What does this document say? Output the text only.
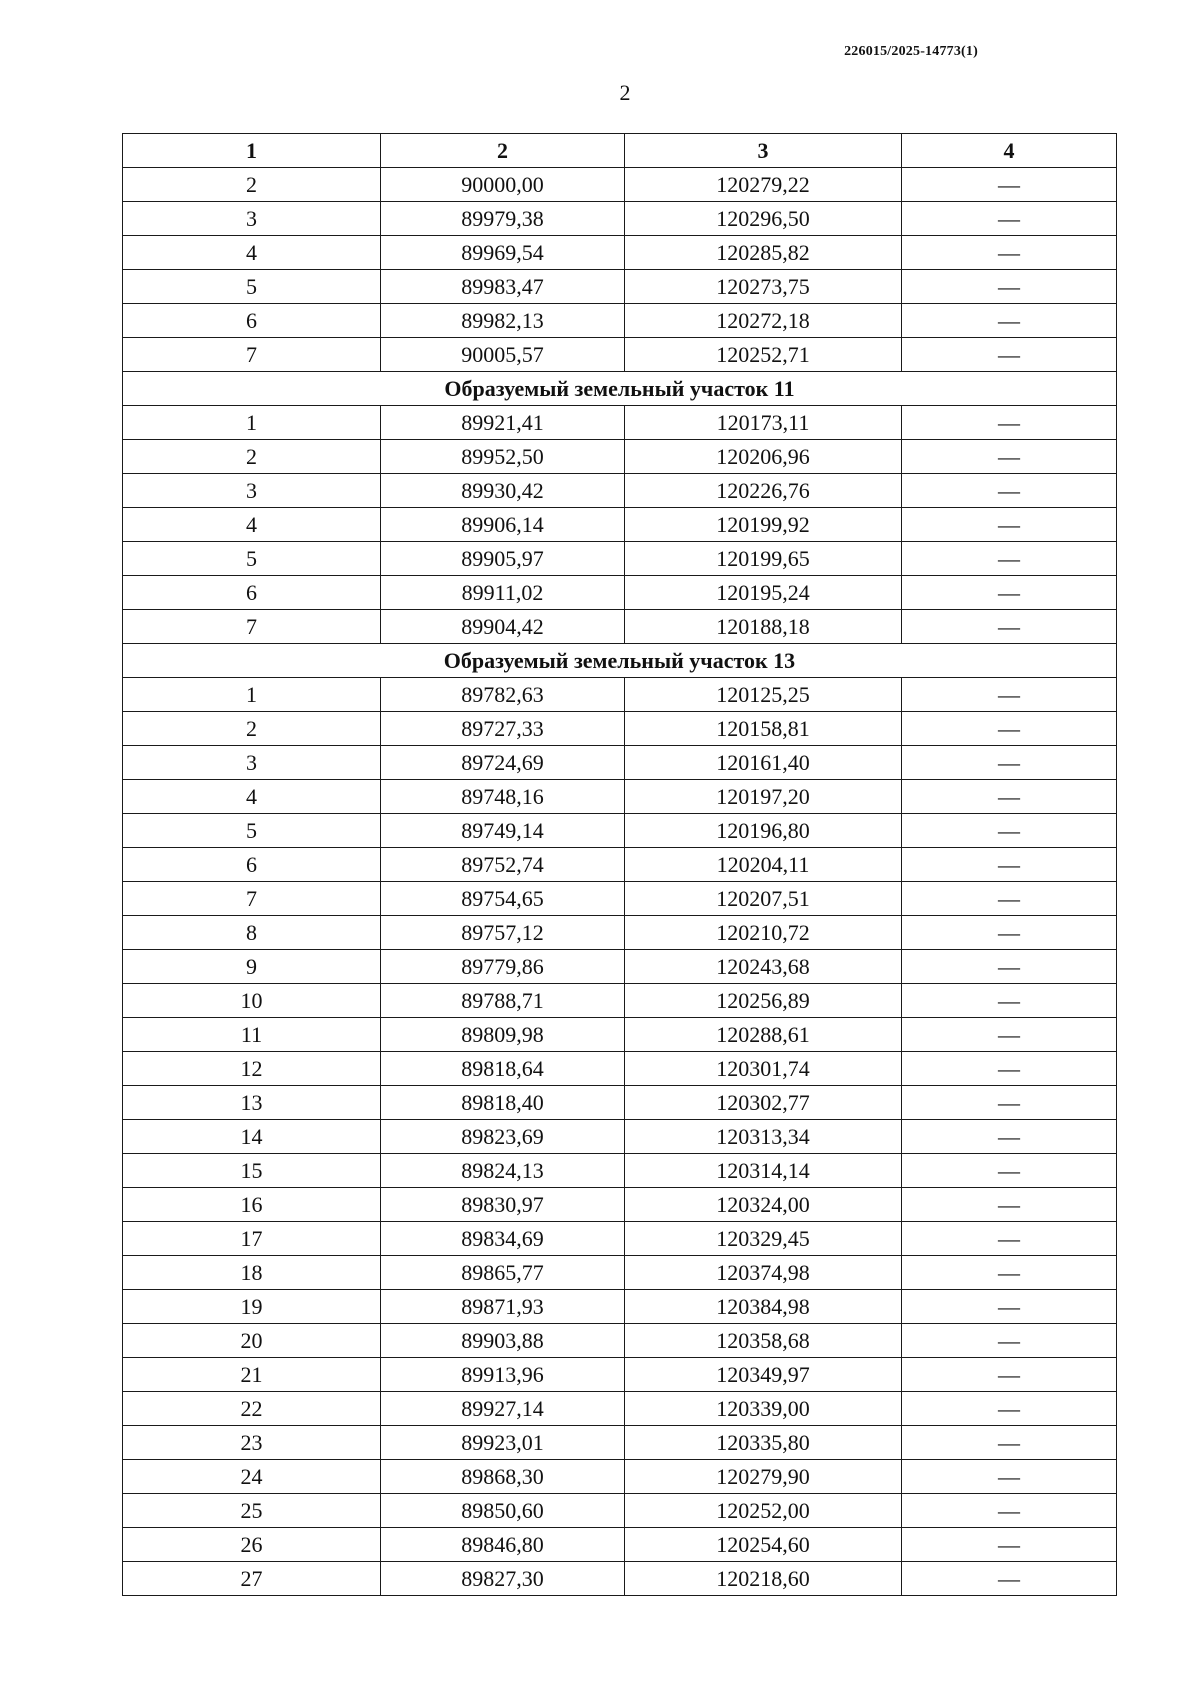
226015/2025-14773(1)
2
1	2	3	4
2	90000,00	120279,22	—
3	89979,38	120296,50	—
4	89969,54	120285,82	—
5	89983,47	120273,75	—
6	89982,13	120272,18	—
7	90005,57	120252,71	—
Образуемый земельный участок 11			
1	89921,41	120173,11	—
2	89952,50	120206,96	—
3	89930,42	120226,76	—
4	89906,14	120199,92	—
5	89905,97	120199,65	—
6	89911,02	120195,24	—
7	89904,42	120188,18	—
Образуемый земельный участок 13			
1	89782,63	120125,25	—
2	89727,33	120158,81	—
3	89724,69	120161,40	—
4	89748,16	120197,20	—
5	89749,14	120196,80	—
6	89752,74	120204,11	—
7	89754,65	120207,51	—
8	89757,12	120210,72	—
9	89779,86	120243,68	—
10	89788,71	120256,89	—
11	89809,98	120288,61	—
12	89818,64	120301,74	—
13	89818,40	120302,77	—
14	89823,69	120313,34	—
15	89824,13	120314,14	—
16	89830,97	120324,00	—
17	89834,69	120329,45	—
18	89865,77	120374,98	—
19	89871,93	120384,98	—
20	89903,88	120358,68	—
21	89913,96	120349,97	—
22	89927,14	120339,00	—
23	89923,01	120335,80	—
24	89868,30	120279,90	—
25	89850,60	120252,00	—
26	89846,80	120254,60	—
27	89827,30	120218,60	—
